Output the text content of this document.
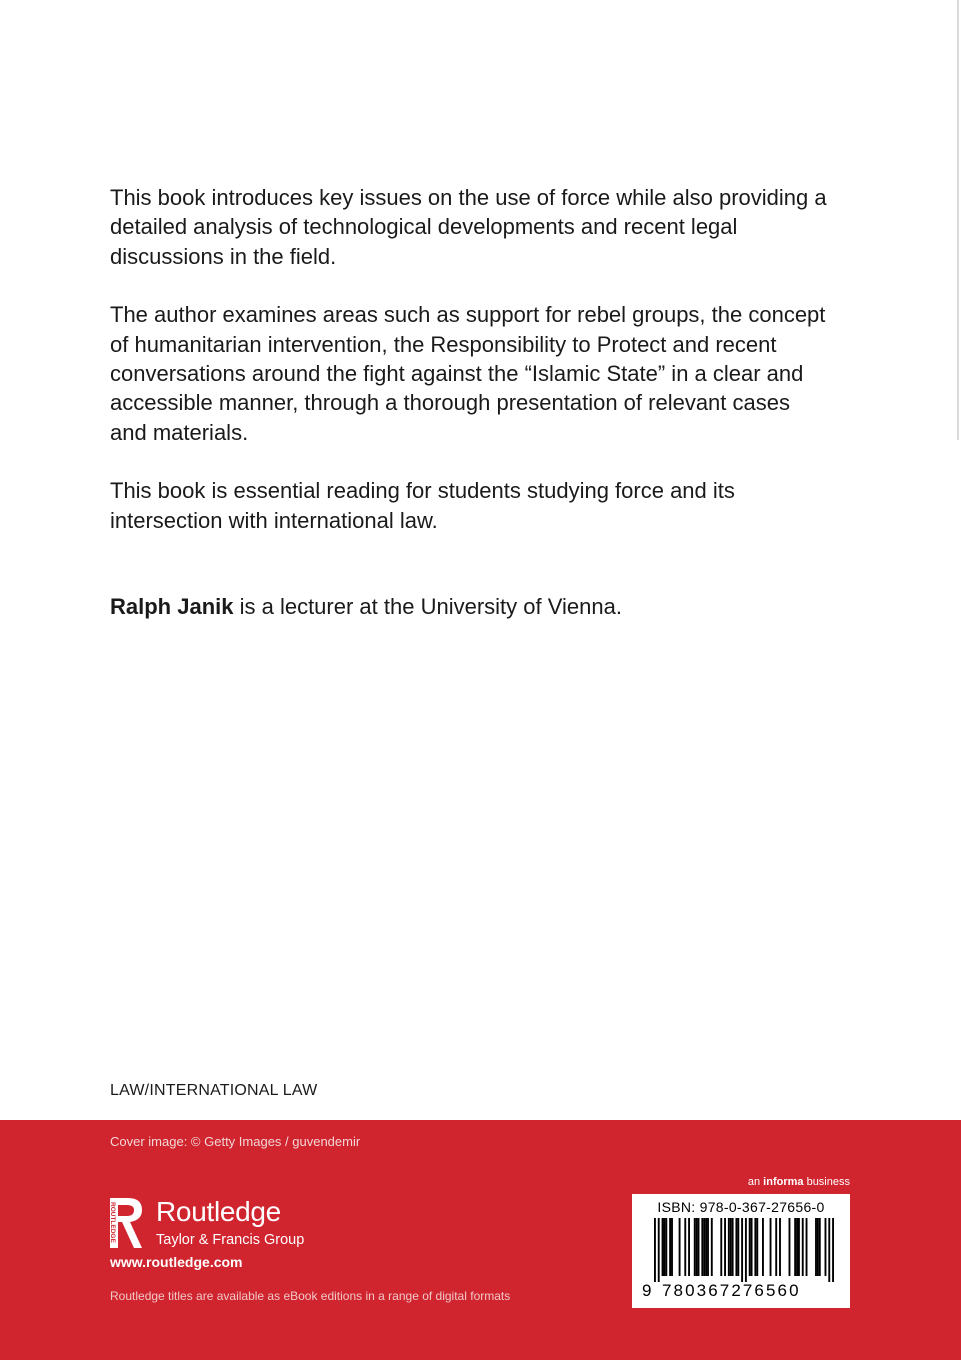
This book introduces key issues on the use of force while also providing a detailed analysis of technological developments and recent legal discussions in the field.

The author examines areas such as support for rebel groups, the concept of humanitarian intervention, the Responsibility to Protect and recent conversations around the fight against the “Islamic State” in a clear and accessible manner, through a thorough presentation of relevant cases and materials.

This book is essential reading for students studying force and its intersection with international law.

Ralph Janik is a lecturer at the University of Vienna.
LAW/INTERNATIONAL LAW
Cover image: © Getty Images / guvendemir
an informa business
ROUTLEDGE Routledge
Taylor & Francis Group
www.routledge.com
Routledge titles are available as eBook editions in a range of digital formats
ISBN: 978-0-367-27656-0
9 780367276560
